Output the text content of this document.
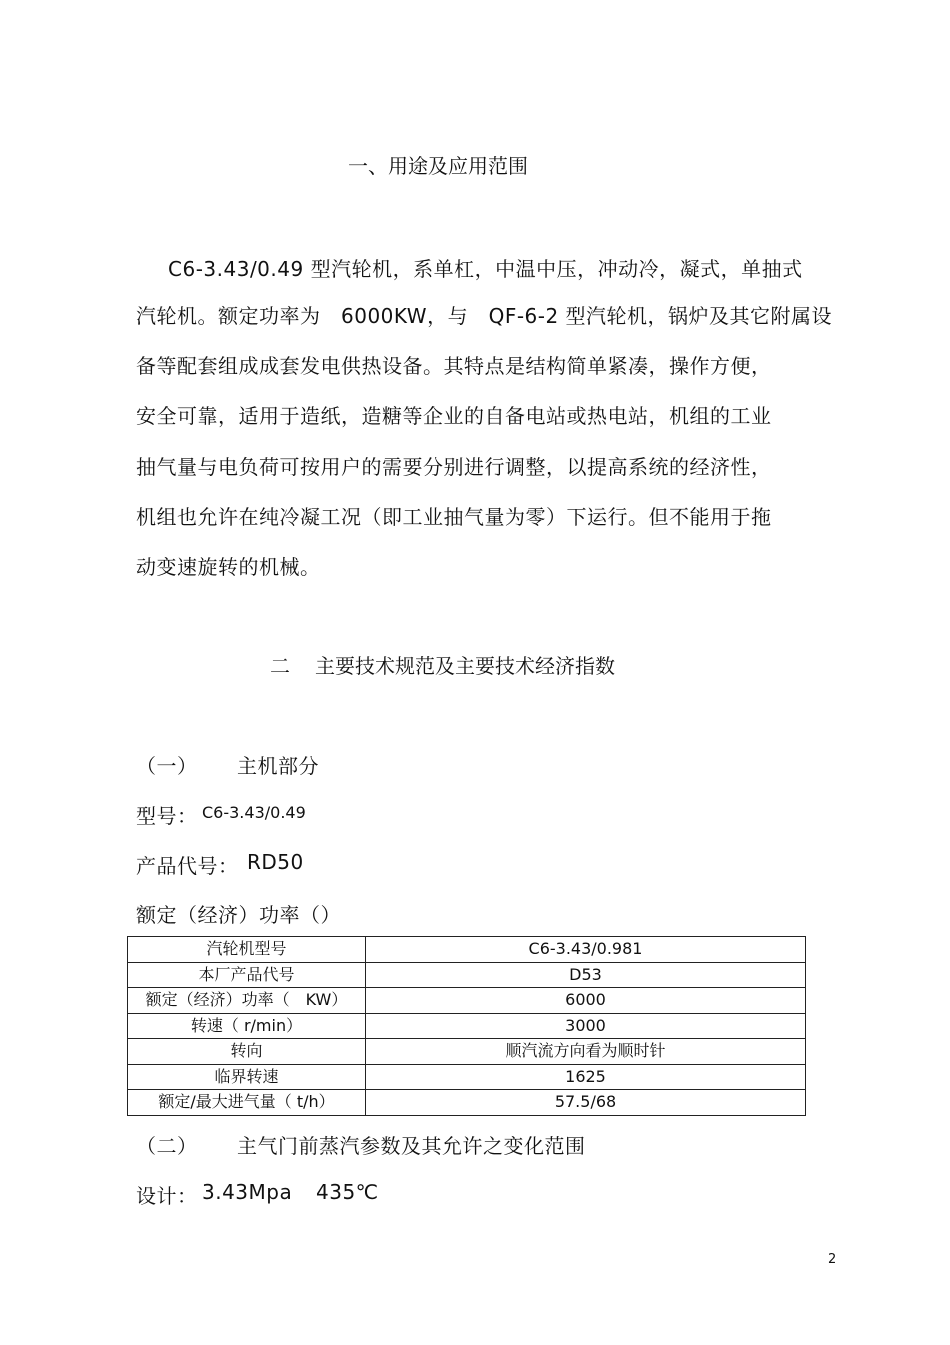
一、用途及应用范围
C6-3.43/0.49 型汽轮机，系单杠，中温中压，冲动冷，凝式，单抽式
汽轮机。额定功率为　6000KW，与　QF-6-2 型汽轮机，锅炉及其它附属设
备等配套组成成套发电供热设备。其特点是结构简单紧凑，操作方便，
安全可靠，适用于造纸，造糖等企业的自备电站或热电站，机组的工业
抽气量与电负荷可按用户的需要分别进行调整，以提高系统的经济性，
机组也允许在纯冷凝工况（即工业抽气量为零）下运行。但不能用于拖
动变速旋转的机械。
二 主要技术规范及主要技术经济指数
（一） 主机部分
型号： C6-3.43/0.49
产品代号： RD50
额定（经济）功率（）
汽轮机型号	C6-3.43/0.981
本厂产品代号	D53
额定（经济）功率（　KW）	6000
转速（ r/min）	3000
转向	顺汽流方向看为顺时针
临界转速	1625
额定/最大进气量（ t/h）	57.5/68
（二） 主气门前蒸汽参数及其允许之变化范围
设计： 3.43Mpa 435℃
2
